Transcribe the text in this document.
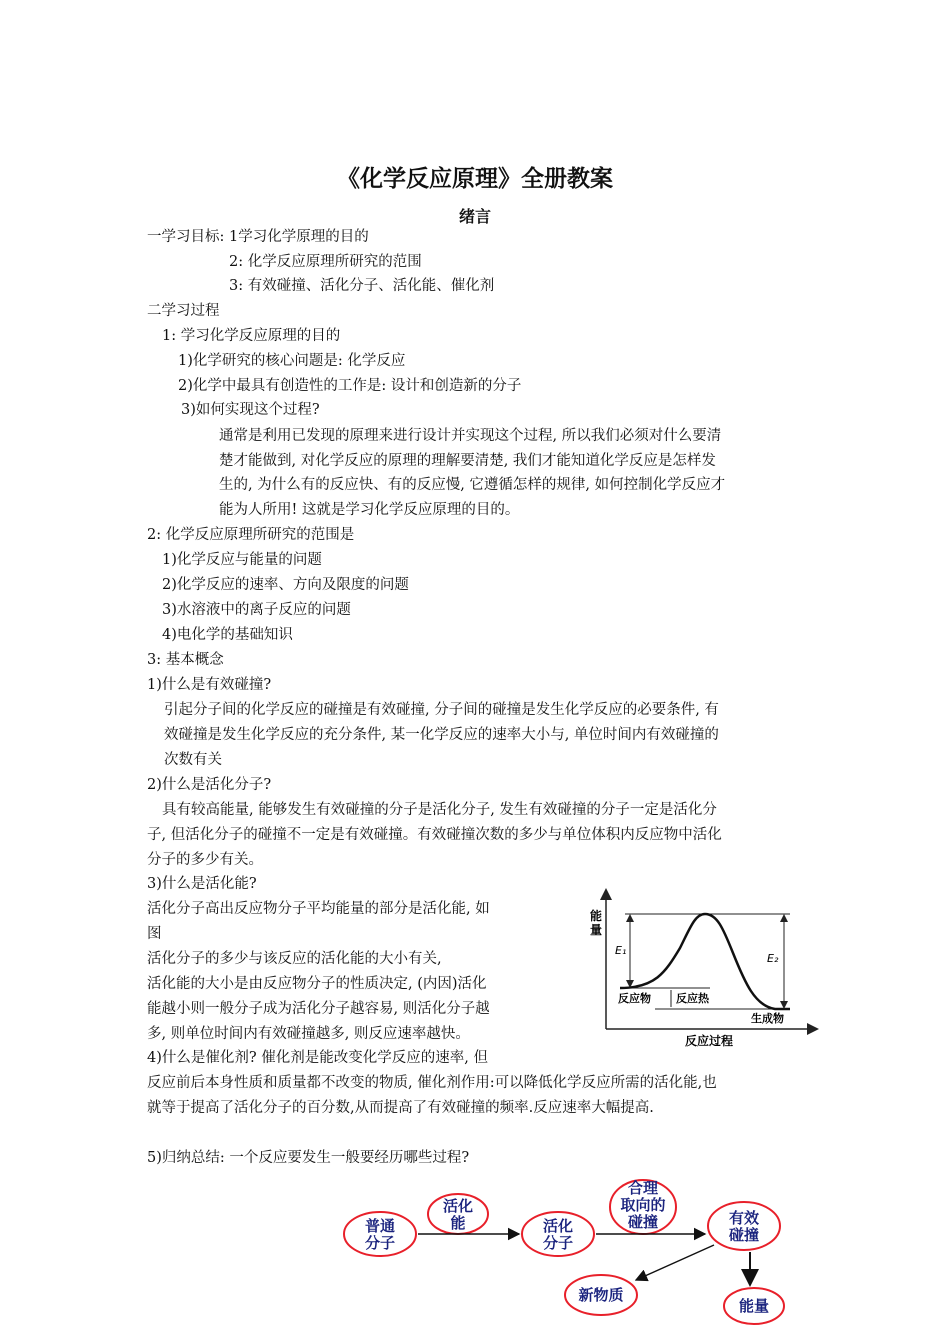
《化学反应原理》全册教案
绪言
一学习目标: 1学习化学原理的目的
2: 化学反应原理所研究的范围
3: 有效碰撞、活化分子、活化能、催化剂
二学习过程
1: 学习化学反应原理的目的
1)化学研究的核心问题是: 化学反应
2)化学中最具有创造性的工作是: 设计和创造新的分子
3)如何实现这个过程?
通常是利用已发现的原理来进行设计并实现这个过程, 所以我们必须对什么要清
楚才能做到, 对化学反应的原理的理解要清楚, 我们才能知道化学反应是怎样发
生的, 为什么有的反应快、有的反应慢, 它遵循怎样的规律, 如何控制化学反应才
能为人所用! 这就是学习化学反应原理的目的。
2: 化学反应原理所研究的范围是
1)化学反应与能量的问题
2)化学反应的速率、方向及限度的问题
3)水溶液中的离子反应的问题
4)电化学的基础知识
3: 基本概念
1)什么是有效碰撞?
引起分子间的化学反应的碰撞是有效碰撞, 分子间的碰撞是发生化学反应的必要条件, 有
效碰撞是发生化学反应的充分条件, 某一化学反应的速率大小与, 单位时间内有效碰撞的
次数有关
2)什么是活化分子?
具有较高能量, 能够发生有效碰撞的分子是活化分子, 发生有效碰撞的分子一定是活化分
子, 但活化分子的碰撞不一定是有效碰撞。有效碰撞次数的多少与单位体积内反应物中活化
分子的多少有关。
3)什么是活化能?
活化分子高出反应物分子平均能量的部分是活化能, 如
图
活化分子的多少与该反应的活化能的大小有关,
活化能的大小是由反应物分子的性质决定, (内因)活化
能越小则一般分子成为活化分子越容易, 则活化分子越
多, 则单位时间内有效碰撞越多, 则反应速率越快。
4)什么是催化剂? 催化剂是能改变化学反应的速率, 但
反应前后本身性质和质量都不改变的物质, 催化剂作用:可以降低化学反应所需的活化能,也
就等于提高了活化分子的百分数,从而提高了有效碰撞的频率.反应速率大幅提高.
5)归纳总结: 一个反应要发生一般要经历哪些过程?
能
量
E₁
E₂
反应物 反应热
生成物
反应过程
普通
分子
活化
能	活化
分子
合理
取向的
碰撞	有效
碰撞
新物质
能量
